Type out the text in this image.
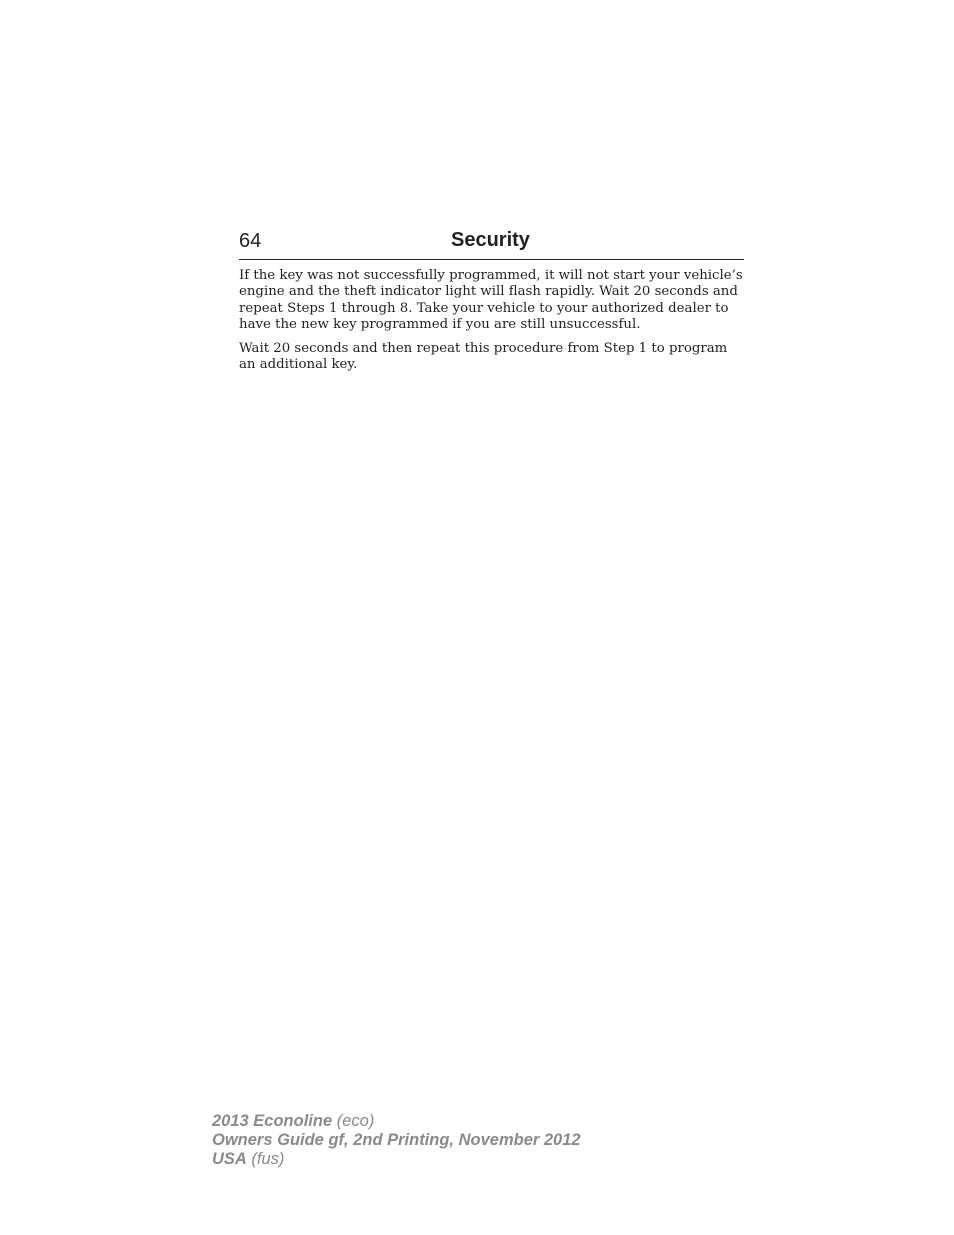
64	Security

If the key was not successfully programmed, it will not start your vehicle’s engine and the theft indicator light will flash rapidly. Wait 20 seconds and repeat Steps 1 through 8. Take your vehicle to your authorized dealer to have the new key programmed if you are still unsuccessful.

Wait 20 seconds and then repeat this procedure from Step 1 to program an additional key.

2013 Econoline (eco)
Owners Guide gf, 2nd Printing, November 2012
USA (fus)
